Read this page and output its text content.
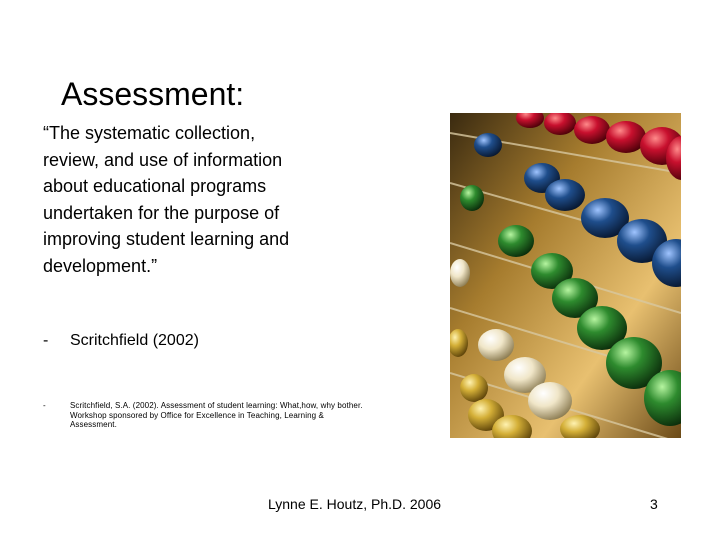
Assessment:
“The systematic collection, review, and use of information about educational programs undertaken for the purpose of improving student learning and development.”
-	Scritchfield (2002)
-	Scritchfield, S.A. (2002). Assessment of student learning: What,how, why bother. Workshop sponsored by Office for Excellence in Teaching, Learning & Assessment.
Lynne E. Houtz, Ph.D. 2006	3
